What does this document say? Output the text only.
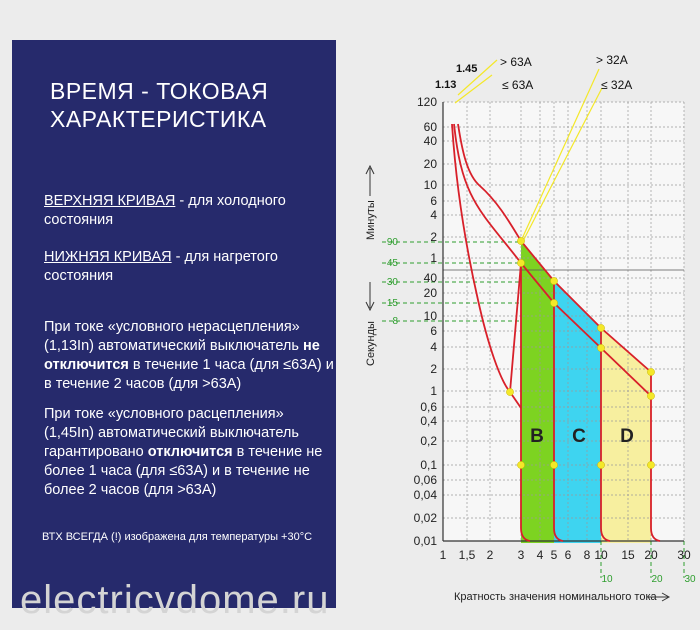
ВРЕМЯ - ТОКОВАЯ
ХАРАКТЕРИСТИКА

ВЕРХНЯЯ КРИВАЯ - для холодного состояния

НИЖНЯЯ КРИВАЯ - для нагретого состояния

При токе «условного нерасцепления» (1,13In) автоматический выключатель не отключится в течение 1 часа (для ≤63А) и в течение 2 часов (для >63А)

При токе «условного расцепления» (1,45In) автоматический выключатель гарантировано отключится в течение не более 1 часа (для ≤63А) и в течение не более 2 часов (для >63А)

ВТХ ВСЕГДА (!) изображена для температуры +30°С
1 1,5 2 3 4 5 6 8 10 15 20 30
10	20 30
120
60
40
20
10
6
4
2
1
40
20
10
6
4
2
1
0,6
0,4
0,2
0,1
0,06
0,04
0,02
0,01
90
45
30
15
8
Минуты
Секунды
Кратность значения номинального тока
1.45
1.13
> 63A
≤ 63A
> 32A
≤ 32A
B C D
electricvdome.ru
